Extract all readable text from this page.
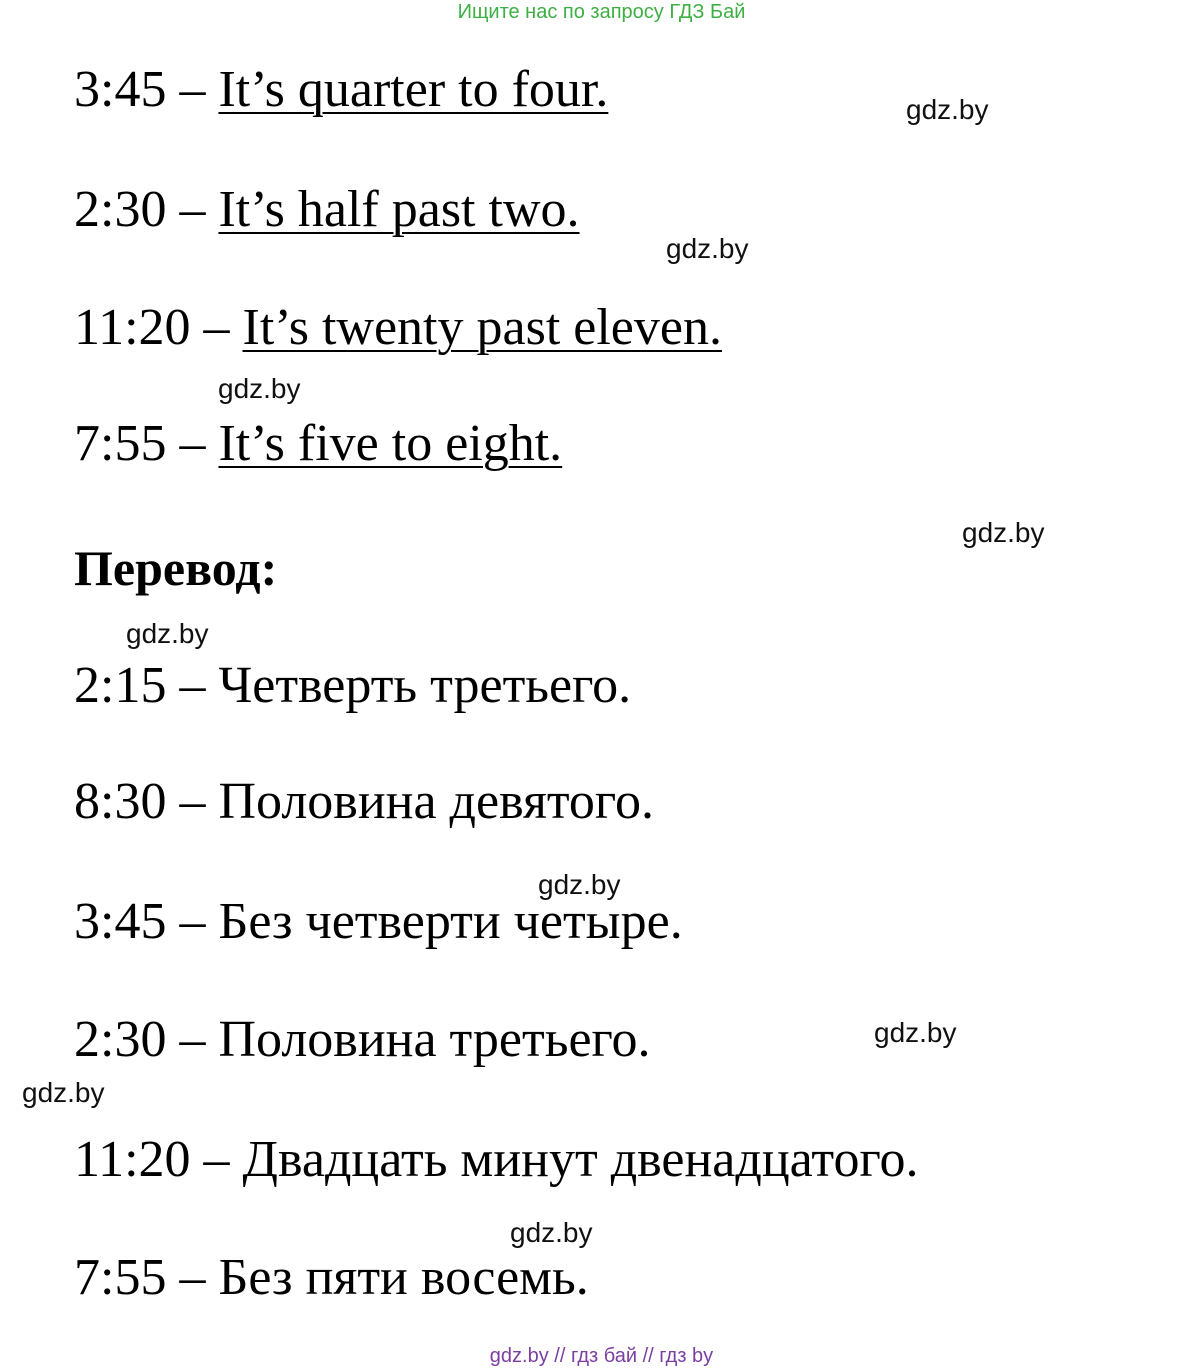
Ищите нас по запросу ГДЗ Бай
3:45 – It’s quarter to four.
2:30 – It’s half past two.
11:20 – It’s twenty past eleven.
7:55 – It’s five to eight.
Перевод:
2:15 – Четверть третьего.
8:30 – Половина девятого.
3:45 – Без четверти четыре.
2:30 – Половина третьего.
11:20 – Двадцать минут двенадцатого.
7:55 – Без пяти восемь.
gdz.by
gdz.by
gdz.by
gdz.by
gdz.by
gdz.by
gdz.by
gdz.by
gdz.by
gdz.by // гдз бай // гдз by
